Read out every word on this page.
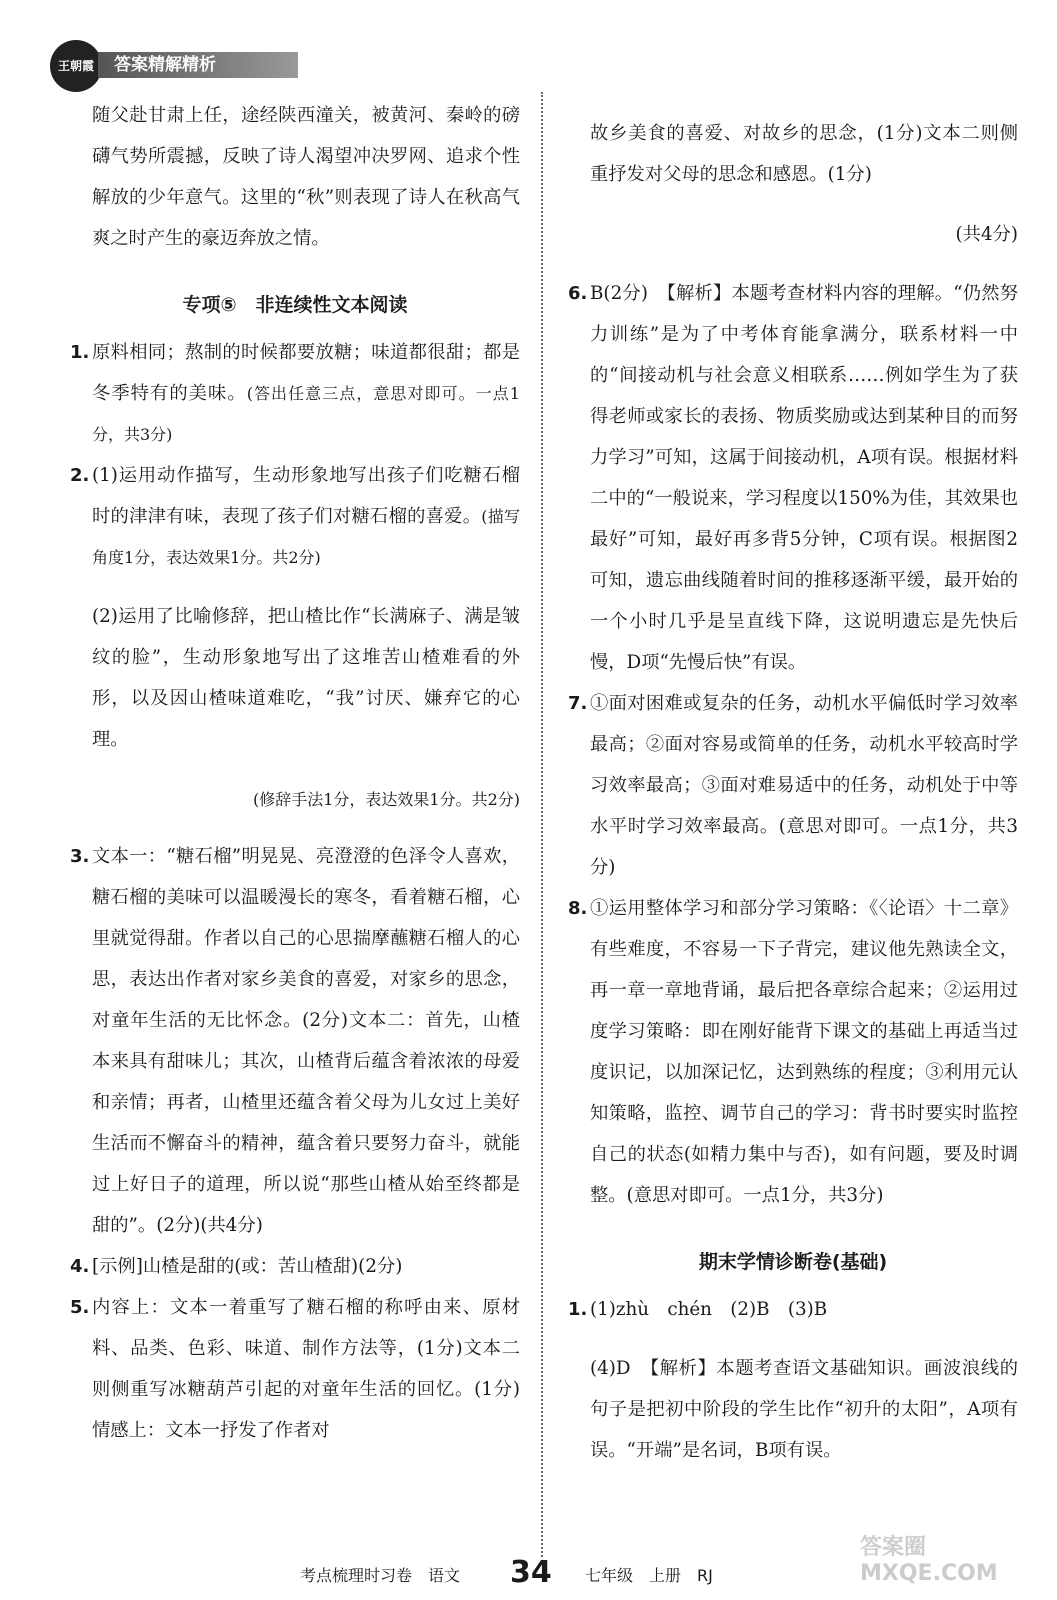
王朝霞	答案精解精析

随父赴甘肃上任，途经陕西潼关，被黄河、秦岭的磅礴气势所震撼，反映了诗人渴望冲决罗网、追求个性解放的少年意气。这里的“秋”则表现了诗人在秋高气爽之时产生的豪迈奔放之情。

专项⑤　非连续性文本阅读
1. 原料相同；熬制的时候都要放糖；味道都很甜；都是冬季特有的美味。(答出任意三点，意思对即可。一点1分，共3分)
2. (1)运用动作描写，生动形象地写出孩子们吃糖石榴时的津津有味，表现了孩子们对糖石榴的喜爱。(描写角度1分，表达效果1分。共2分)

(2)运用了比喻修辞，把山楂比作“长满麻子、满是皱纹的脸”，生动形象地写出了这堆苦山楂难看的外形，以及因山楂味道难吃，“我”讨厌、嫌弃它的心理。

(修辞手法1分，表达效果1分。共2分)

3. 文本一：“糖石榴”明晃晃、亮澄澄的色泽令人喜欢，糖石榴的美味可以温暖漫长的寒冬，看着糖石榴，心里就觉得甜。作者以自己的心思揣摩蘸糖石榴人的心思，表达出作者对家乡美食的喜爱，对家乡的思念，对童年生活的无比怀念。(2分)文本二：首先，山楂本来具有甜味儿；其次，山楂背后蕴含着浓浓的母爱和亲情；再者，山楂里还蕴含着父母为儿女过上美好生活而不懈奋斗的精神，蕴含着只要努力奋斗，就能过上好日子的道理，所以说“那些山楂从始至终都是甜的”。(2分)(共4分)
4. [示例]山楂是甜的(或：苦山楂甜)(2分)
5. 内容上：文本一着重写了糖石榴的称呼由来、原材料、品类、色彩、味道、制作方法等，(1分)文本二则侧重写冰糖葫芦引起的对童年生活的回忆。(1分)情感上：文本一抒发了作者对

故乡美食的喜爱、对故乡的思念，(1分)文本二则侧重抒发对父母的思念和感恩。(1分)

(共4分)

6. B(2分)　【解析】本题考查材料内容的理解。“仍然努力训练”是为了中考体育能拿满分，联系材料一中的“间接动机与社会意义相联系……例如学生为了获得老师或家长的表扬、物质奖励或达到某种目的而努力学习”可知，这属于间接动机，A项有误。根据材料二中的“一般说来，学习程度以150%为佳，其效果也最好”可知，最好再多背5分钟，C项有误。根据图2可知，遗忘曲线随着时间的推移逐渐平缓，最开始的一个小时几乎是呈直线下降，这说明遗忘是先快后慢，D项“先慢后快”有误。
7. ①面对困难或复杂的任务，动机水平偏低时学习效率最高；②面对容易或简单的任务，动机水平较高时学习效率最高；③面对难易适中的任务，动机处于中等水平时学习效率最高。(意思对即可。一点1分，共3分)
8. ①运用整体学习和部分学习策略：《〈论语〉十二章》有些难度，不容易一下子背完，建议他先熟读全文，再一章一章地背诵，最后把各章综合起来；②运用过度学习策略：即在刚好能背下课文的基础上再适当过度识记，以加深记忆，达到熟练的程度；③利用元认知策略，监控、调节自己的学习：背书时要实时监控自己的状态(如精力集中与否)，如有问题，要及时调整。(意思对即可。一点1分，共3分)
期末学情诊断卷(基础)
1. (1)zhù　chén　(2)B　(3)B

(4)D　【解析】本题考查语文基础知识。画波浪线的句子是把初中阶段的学生比作“初升的太阳”，A项有误。“开端”是名词，B项有误。

考点梳理时习卷　语文 34 七年级　上册　RJ
答案圈 MXQE.COM
